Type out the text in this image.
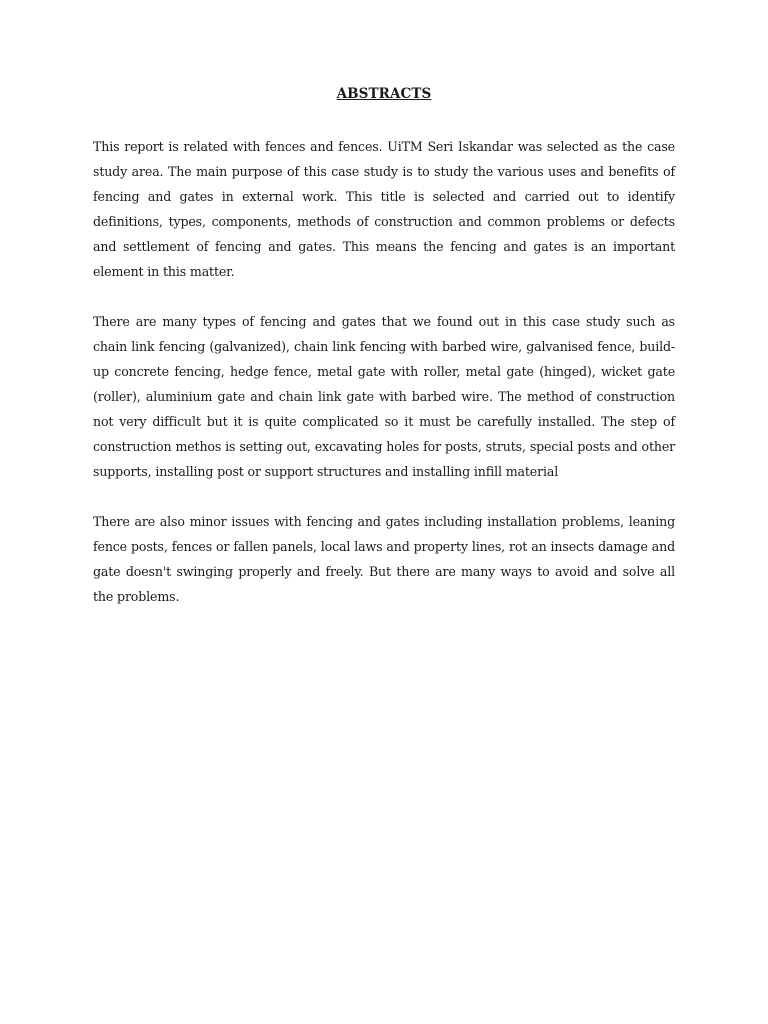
ABSTRACTS

This report is related with fences and fences. UiTM Seri Iskandar was selected as the case study area. The main purpose of this case study is to study the various uses and benefits of fencing and gates in external work. This title is selected and carried out to identify definitions, types, components, methods of construction and common problems or defects and settlement of fencing and gates. This means the fencing and gates is an important element in this matter.

There are many types of fencing and gates that we found out in this case study such as chain link fencing (galvanized), chain link fencing with barbed wire, galvanised fence, build-up concrete fencing, hedge fence, metal gate with roller, metal gate (hinged), wicket gate (roller), aluminium gate and chain link gate with barbed wire. The method of construction not very difficult but it is quite complicated so it must be carefully installed. The step of construction methos is setting out, excavating holes for posts, struts, special posts and other supports, installing post or support structures and installing infill material

There are also minor issues with fencing and gates including installation problems, leaning fence posts, fences or fallen panels, local laws and property lines, rot an insects damage and gate doesn't swinging properly and freely. But there are many ways to avoid and solve all the problems.
